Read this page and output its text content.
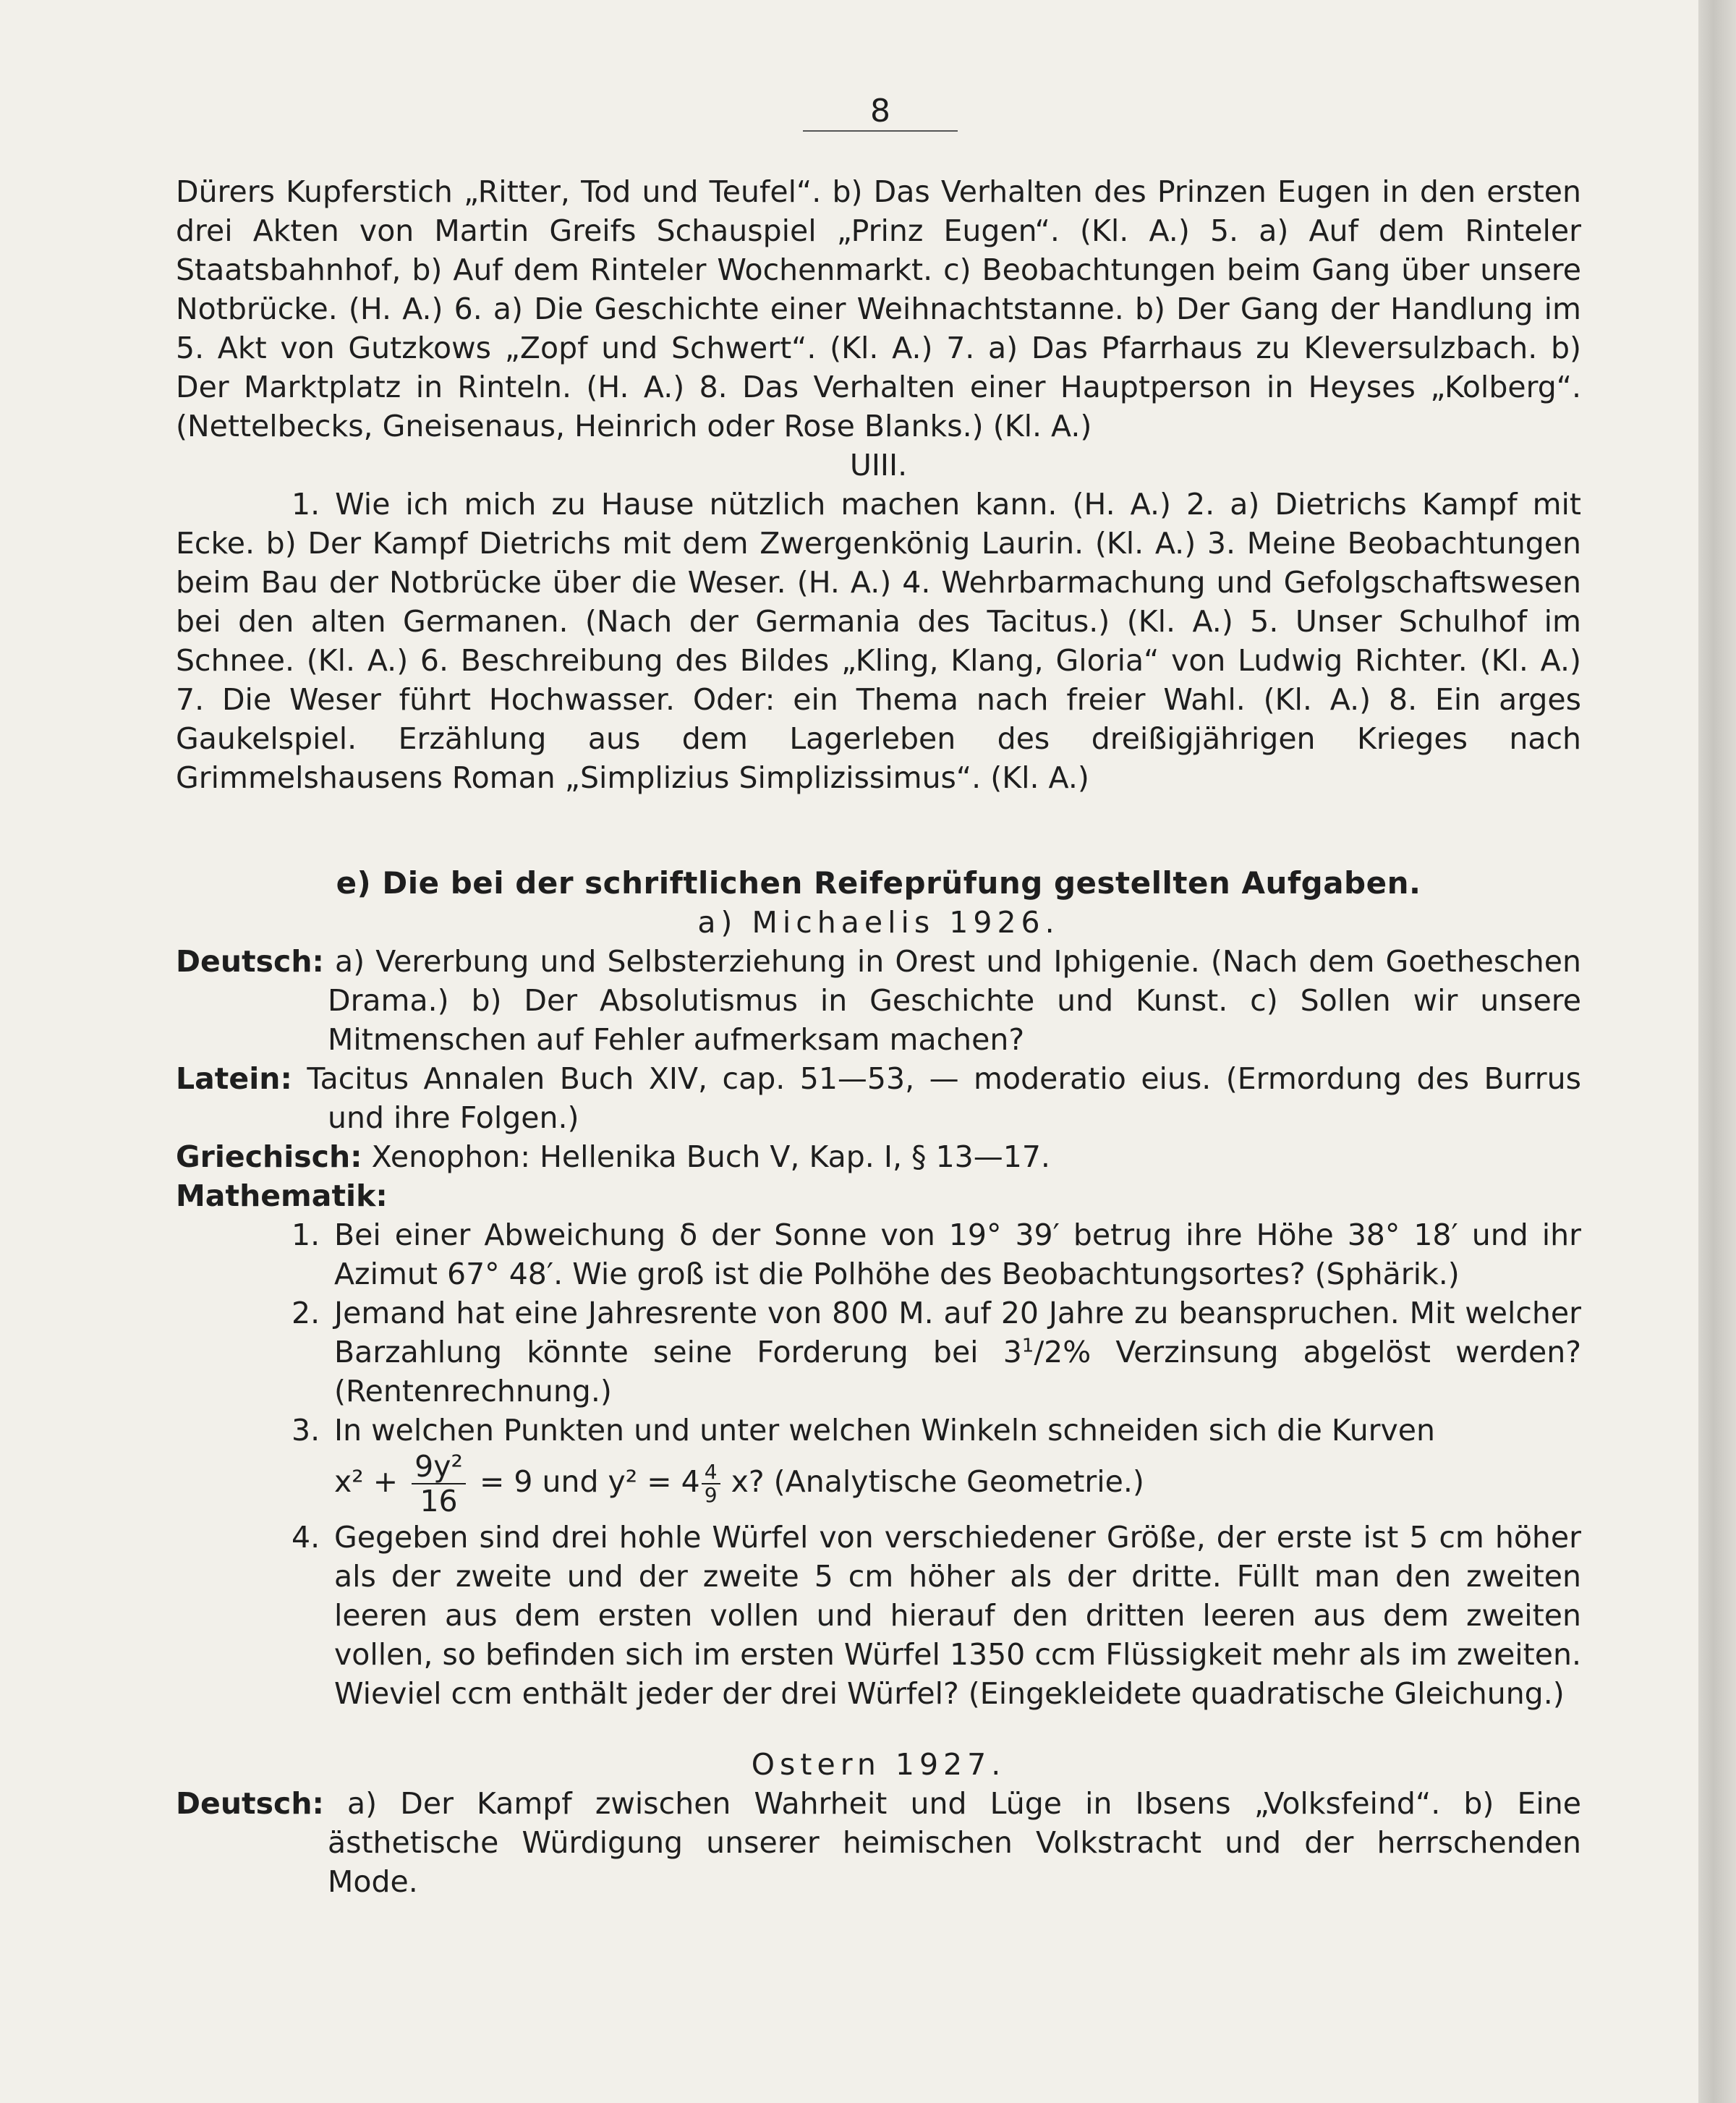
8

Dürers Kupferstich „Ritter, Tod und Teufel“. b) Das Verhalten des Prinzen Eugen in den ersten drei Akten von Martin Greifs Schauspiel „Prinz Eugen“. (Kl. A.) 5. a) Auf dem Rinteler Staatsbahnhof, b) Auf dem Rinteler Wochenmarkt. c) Beobachtungen beim Gang über unsere Notbrücke. (H. A.) 6. a) Die Geschichte einer Weihnachtstanne. b) Der Gang der Handlung im 5. Akt von Gutzkows „Zopf und Schwert“. (Kl. A.) 7. a) Das Pfarrhaus zu Kleversulzbach. b) Der Marktplatz in Rinteln. (H. A.) 8. Das Verhalten einer Hauptperson in Heyses „Kolberg“. (Nettelbecks, Gneisenaus, Heinrich oder Rose Blanks.) (Kl. A.)

UIII.

1. Wie ich mich zu Hause nützlich machen kann. (H. A.) 2. a) Dietrichs Kampf mit Ecke. b) Der Kampf Dietrichs mit dem Zwergenkönig Laurin. (Kl. A.) 3. Meine Beobachtungen beim Bau der Notbrücke über die Weser. (H. A.) 4. Wehrbarmachung und Gefolgschaftswesen bei den alten Germanen. (Nach der Germania des Tacitus.) (Kl. A.) 5. Unser Schulhof im Schnee. (Kl. A.) 6. Beschreibung des Bildes „Kling, Klang, Gloria“ von Ludwig Richter. (Kl. A.) 7. Die Weser führt Hochwasser. Oder: ein Thema nach freier Wahl. (Kl. A.) 8. Ein arges Gaukelspiel. Erzählung aus dem Lagerleben des dreißigjährigen Krieges nach Grimmelshausens Roman „Simplizius Simplizissimus“. (Kl. A.)

e) Die bei der schriftlichen Reifeprüfung gestellten Aufgaben.

a) Michaelis 1926.

Deutsch: a) Vererbung und Selbsterziehung in Orest und Iphigenie. (Nach dem Goetheschen Drama.) b) Der Absolutismus in Geschichte und Kunst. c) Sollen wir unsere Mitmenschen auf Fehler aufmerksam machen?

Latein: Tacitus Annalen Buch XIV, cap. 51—53, — moderatio eius. (Ermordung des Burrus und ihre Folgen.)

Griechisch: Xenophon: Hellenika Buch V, Kap. I, § 13—17.

Mathematik:

1. Bei einer Abweichung δ der Sonne von 19° 39′ betrug ihre Höhe 38° 18′ und ihr Azimut 67° 48′. Wie groß ist die Polhöhe des Beobachtungsortes? (Sphärik.)
2. Jemand hat eine Jahresrente von 800 M. auf 20 Jahre zu beanspruchen. Mit welcher Barzahlung könnte seine Forderung bei $3^1/2\%$ Verzinsung abgelöst werden? (Rentenrechnung.)
3. In welchen Punkten und unter welchen Winkeln schneiden sich die Kurven
$x^2 + \frac{\text{9y²}}{16} = 9$ und $y^2 = 4 \frac{4}{9} x$? (Analytische Geometrie.)
4. Gegeben sind drei hohle Würfel von verschiedener Größe, der erste ist 5 cm höher als der zweite und der zweite 5 cm höher als der dritte. Füllt man den zweiten leeren aus dem ersten vollen und hierauf den dritten leeren aus dem zweiten vollen, so befinden sich im ersten Würfel 1350 ccm Flüssigkeit mehr als im zweiten. Wieviel ccm enthält jeder der drei Würfel? (Eingekleidete quadratische Gleichung.)

Ostern 1927.

Deutsch: a) Der Kampf zwischen Wahrheit und Lüge in Ibsens „Volksfeind“. b) Eine ästhetische Würdigung unserer heimischen Volkstracht und der herrschenden Mode.
